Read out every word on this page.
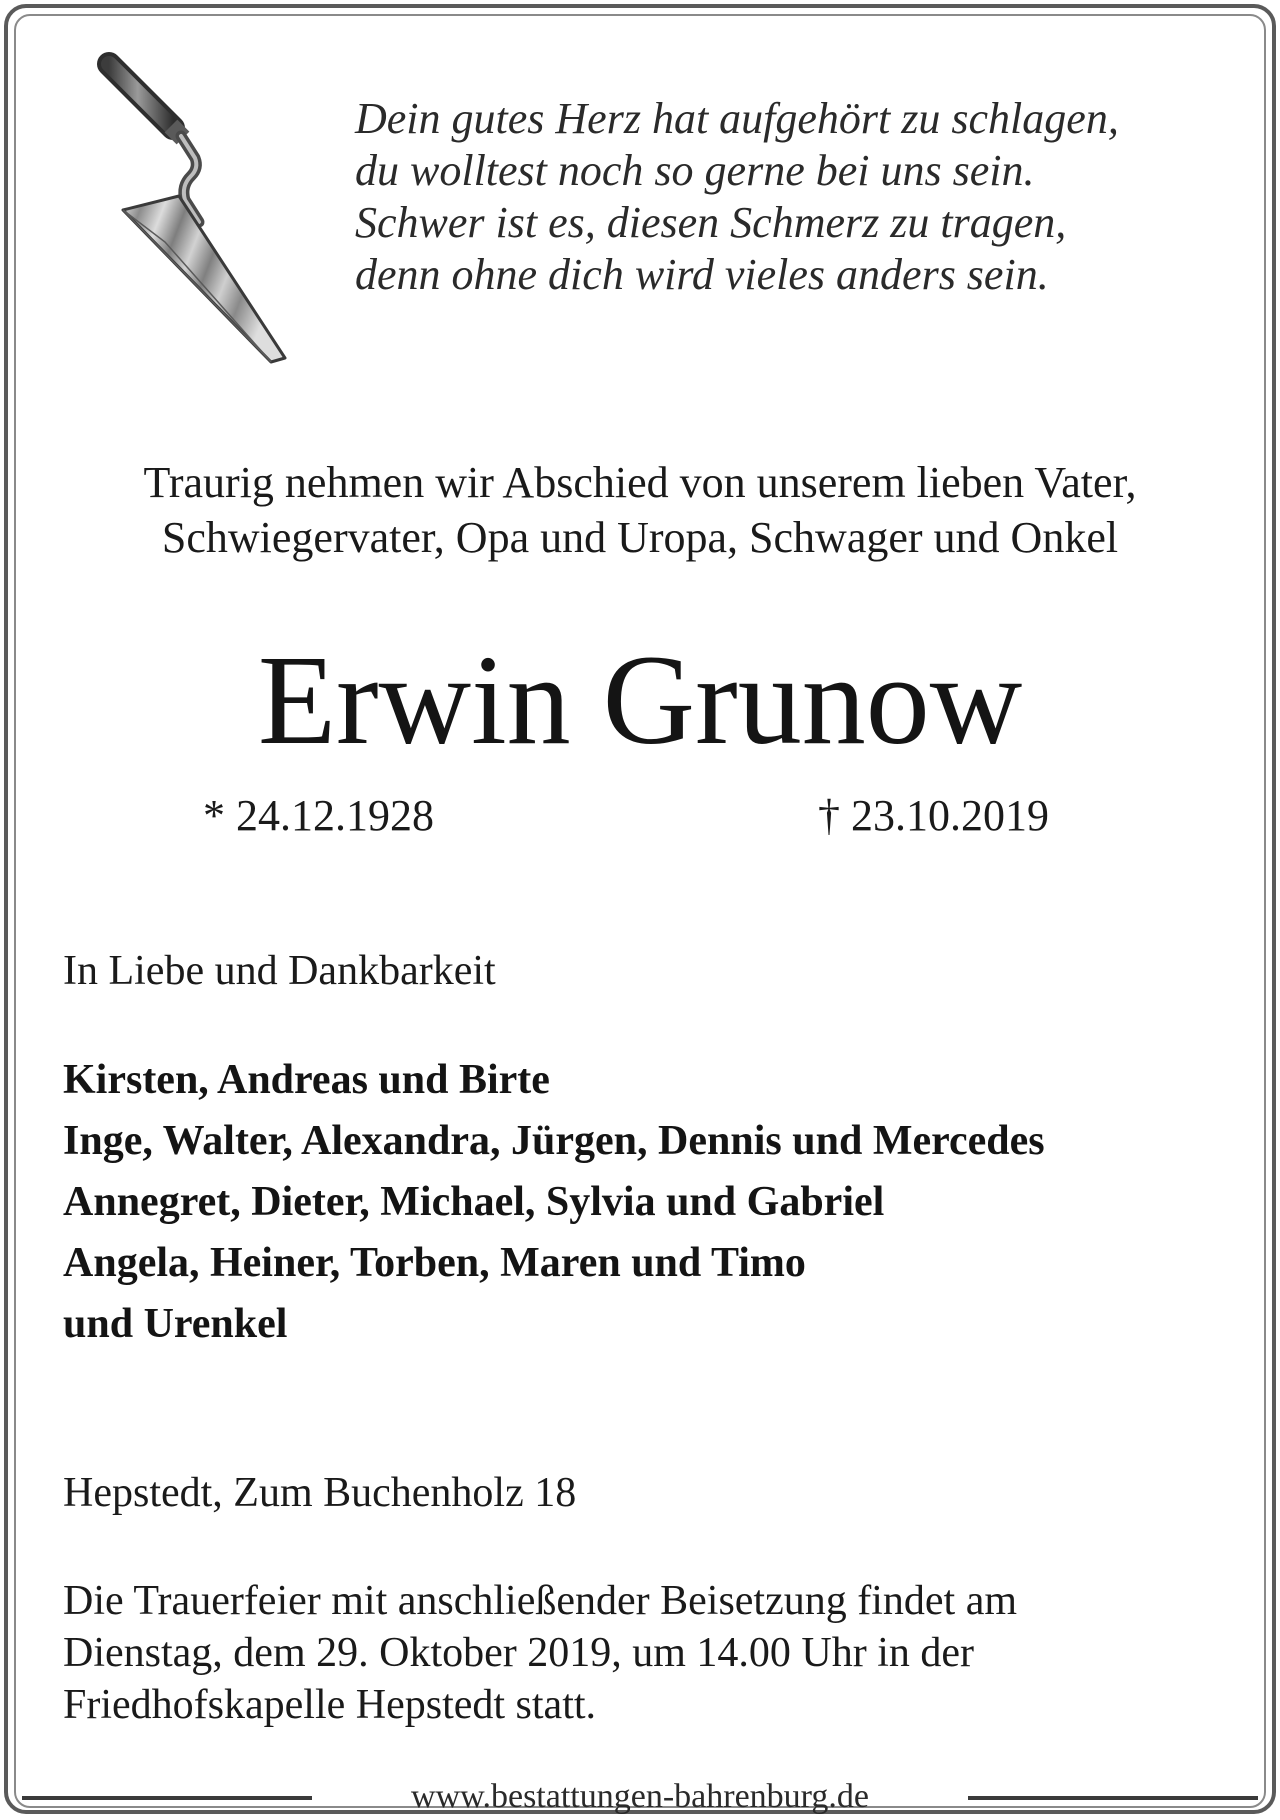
Dein gutes Herz hat aufgehört zu schlagen,
du wolltest noch so gerne bei uns sein.
Schwer ist es, diesen Schmerz zu tragen,
denn ohne dich wird vieles anders sein.
Traurig nehmen wir Abschied von unserem lieben Vater,
Schwiegervater, Opa und Uropa, Schwager und Onkel
Erwin Grunow
* 24.12.1928	† 23.10.2019
In Liebe und Dankbarkeit
Kirsten, Andreas und Birte
Inge, Walter, Alexandra, Jürgen, Dennis und Mercedes
Annegret, Dieter, Michael, Sylvia und Gabriel
Angela, Heiner, Torben, Maren und Timo
und Urenkel
Hepstedt, Zum Buchenholz 18
Die Trauerfeier mit anschließender Beisetzung findet am
Dienstag, dem 29. Oktober 2019, um 14.00 Uhr in der
Friedhofskapelle Hepstedt statt.
www.bestattungen-bahrenburg.de
